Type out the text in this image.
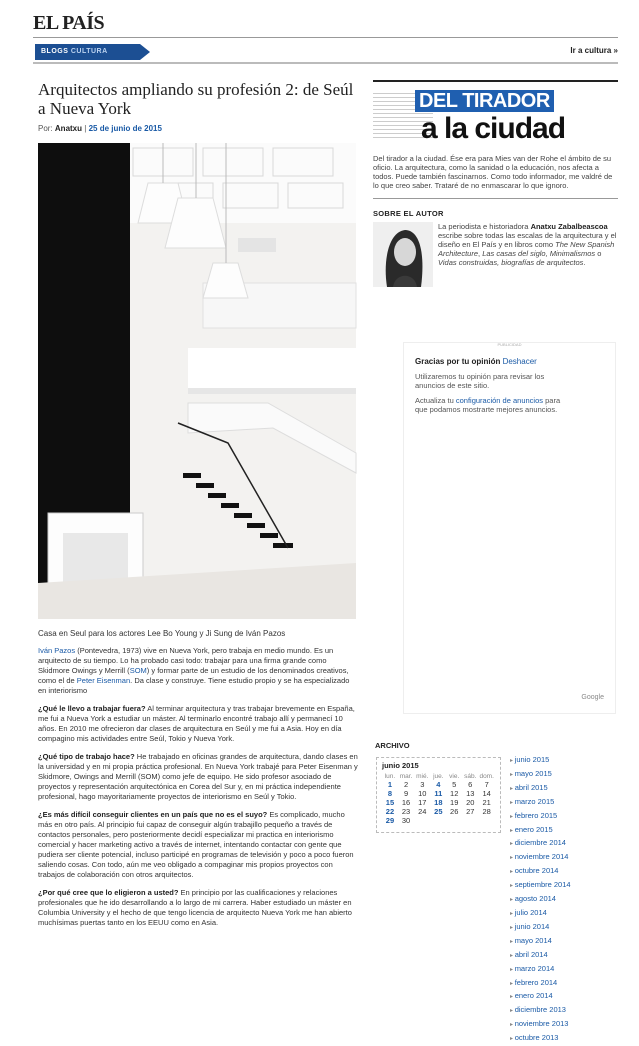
EL PAÍS
BLOGS CULTURA	Ir a cultura »
Arquitectos ampliando su profesión 2: de Seúl a Nueva York
Por: Anatxu | 25 de junio de 2015

Casa en Seul para los actores Lee Bo Young y Ji Sung de Iván Pazos

Iván Pazos (Pontevedra, 1973) vive en Nueva York, pero trabaja en medio mundo. Es un arquitecto de su tiempo. Lo ha probado casi todo: trabajar para una firma grande como Skidmore Owings y Merrill (SOM) y formar parte de un estudio de los denominados creativos, como el de Peter Eisenman. Da clase y construye. Tiene estudio propio y se ha especializado en interiorismo

¿Qué le llevo a trabajar fuera? Al terminar arquitectura y tras trabajar brevemente en España, me fui a Nueva York a estudiar un máster. Al terminarlo encontré trabajo allí y permanecí 10 años. En 2010 me ofrecieron dar clases de arquitectura en Seúl y me fui a Asia. Hoy en día compagino mis actividades entre Seúl, Tokio y Nueva York.

¿Qué tipo de trabajo hace? He trabajado en oficinas grandes de arquitectura, dando clases en la universidad y en mi propia práctica profesional. En Nueva York trabajé para Peter Eisenman y Skidmore, Owings and Merrill (SOM) como jefe de equipo. He sido profesor asociado de proyectos y representación arquitectónica en Corea del Sur y, en mi práctica independiente profesional, hago mayoritariamente proyectos de interiorismo en Seúl y Tokio.

¿Es más difícil conseguir clientes en un país que no es el suyo? Es complicado, mucho más en otro país. Al principio fui capaz de conseguir algún trabajillo pequeño a través de contactos personales, pero posteriormente decidí especializar mi practica en interiorismo comercial y hacer marketing activo a través de internet, intentando contactar con gente que pudiera ser cliente potencial, incluso participé en programas de televisión y poco a poco fueron saliendo cosas. Con todo, aún me veo obligado a compaginar mis propios proyectos con trabajos de colaboración con otros arquitectos.

¿Por qué cree que lo eligieron a usted? En principio por las cualificaciones y relaciones profesionales que he ido desarrollando a lo largo de mi carrera. Haber estudiado un máster en Columbia University y el hecho de que tengo licencia de arquitecto Nueva York me han abierto muchísimas puertas tanto en los EEUU como en Asia.

DEL TIRADOR
a la ciudad

Del tirador a la ciudad. Ése era para Mies van der Rohe el ámbito de su oficio. La arquitectura, como la sanidad o la educación, nos afecta a todos. Puede también fascinarnos. Como todo informador, me valdré de lo que creo saber. Trataré de no enmascarar lo que ignoro.

SOBRE EL AUTOR

La periodista e historiadora Anatxu Zabalbeascoa escribe sobre todas las escalas de la arquitectura y el diseño en El País y en libros como The New Spanish Architecture, Las casas del siglo, Minimalismos o Vidas construidas, biografías de arquitectos.

PUBLICIDAD
Gracias por tu opinión Deshacer

Utilizaremos tu opinión para revisar los anuncios de este sitio.

Actualiza tu configuración de anuncios para que podamos mostrarte mejores anuncios.

Google
ARCHIVO
junio 2015
lun.	mar.	mié.	jue.	vie.	sáb.	dom.
1	2	3	4	5	6	7
8	9	10	11	12	13	14
15	16	17	18	19	20	21
22	23	24	25	26	27	28
29	30					
▸ junio 2015
▸ mayo 2015
▸ abril 2015
▸ marzo 2015
▸ febrero 2015
▸ enero 2015
▸ diciembre 2014
▸ noviembre 2014
▸ octubre 2014
▸ septiembre 2014
▸ agosto 2014
▸ julio 2014
▸ junio 2014
▸ mayo 2014
▸ abril 2014
▸ marzo 2014
▸ febrero 2014
▸ enero 2014
▸ diciembre 2013
▸ noviembre 2013
▸ octubre 2013
